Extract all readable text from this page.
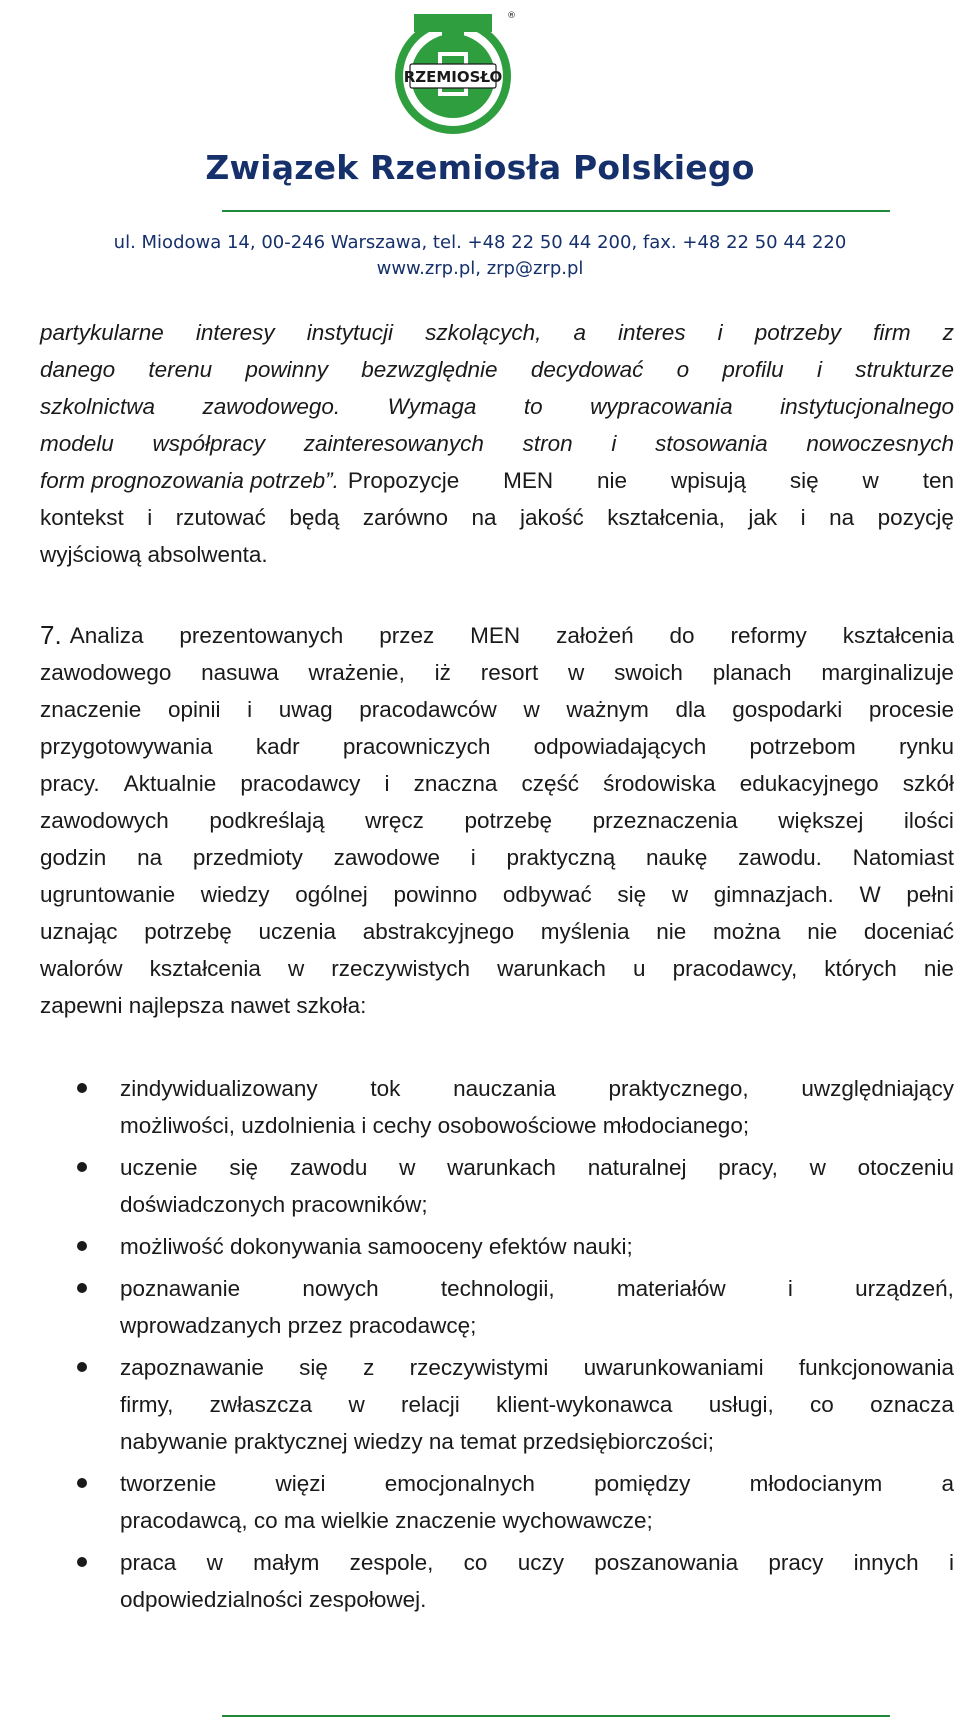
RZEMIOSŁO
®
Związek Rzemiosła Polskiego
ul. Miodowa 14, 00-246 Warszawa, tel. +48 22 50 44 200, fax. +48 22 50 44 220
www.zrp.pl, zrp@zrp.pl
partykularne interesy instytucji szkolących, a interes i potrzeby firm z
danego terenu powinny bezwzględnie decydować o profilu i strukturze
szkolnictwa zawodowego. Wymaga to wypracowania instytucjonalnego
modelu współpracy zainteresowanych stron i stosowania nowoczesnych
form prognozowania potrzeb”. Propozycje MEN nie wpisują się w ten
kontekst i rzutować będą zarówno na jakość kształcenia, jak i na pozycję
wyjściową absolwenta.
7. Analiza prezentowanych przez MEN założeń do reformy kształcenia
zawodowego nasuwa wrażenie, iż resort w swoich planach marginalizuje
znaczenie opinii i uwag pracodawców w ważnym dla gospodarki procesie
przygotowywania kadr pracowniczych odpowiadających potrzebom rynku
pracy. Aktualnie pracodawcy i znaczna część środowiska edukacyjnego szkół
zawodowych podkreślają wręcz potrzebę przeznaczenia większej ilości
godzin na przedmioty zawodowe i praktyczną naukę zawodu. Natomiast
ugruntowanie wiedzy ogólnej powinno odbywać się w gimnazjach. W pełni
uznając potrzebę uczenia abstrakcyjnego myślenia nie można nie doceniać
walorów kształcenia w rzeczywistych warunkach u pracodawcy, których nie
zapewni najlepsza nawet szkoła:
zindywidualizowany tok nauczania praktycznego, uwzględniający
możliwości, uzdolnienia i cechy osobowościowe młodocianego;
uczenie się zawodu w warunkach naturalnej pracy, w otoczeniu
doświadczonych pracowników;
możliwość dokonywania samooceny efektów nauki;
poznawanie	nowych	technologii,	materiałów	i	urządzeń,
wprowadzanych przez pracodawcę;
zapoznawanie się z rzeczywistymi uwarunkowaniami funkcjonowania
firmy, zwłaszcza w relacji klient-wykonawca usługi, co oznacza
nabywanie praktycznej wiedzy na temat przedsiębiorczości;
tworzenie	więzi	emocjonalnych	pomiędzy	młodocianym	a
pracodawcą, co ma wielkie znaczenie wychowawcze;
praca w małym zespole, co uczy poszanowania pracy innych i
odpowiedzialności zespołowej.
